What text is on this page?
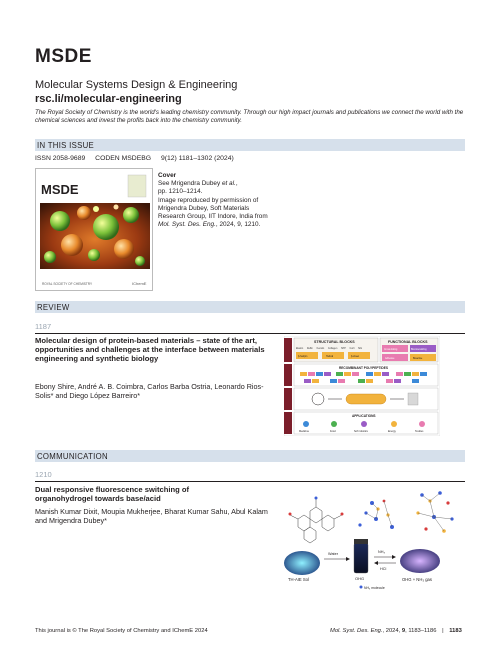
MSDE
Molecular Systems Design & Engineering
rsc.li/molecular-engineering
The Royal Society of Chemistry is the world's leading chemistry community. Through our high impact journals and publications we connect the world with the chemical sciences and invest the profits back into the chemistry community.
IN THIS ISSUE
ISSN 2058-9689 CODEN MSDEBG 9(12) 1181–1302 (2024)
MSDE
ROYAL SOCIETY OF CHEMISTRY	IChemE
Cover
See Mrigendra Dubey et al.,
pp. 1210–1214.
Image reproduced by permission of Mrigendra Dubey, Soft Materials Research Group, IIT Indore, India from Mol. Syst. Des. Eng., 2024, 9, 1210.
REVIEW
1187
Molecular design of protein-based materials – state of the art, opportunities and challenges at the interface between materials engineering and synthetic biology
Ebony Shire, André A. B. Coimbra, Carlos Barba Ostria, Leonardo Rios-Solis* and Diego López Barreiro*
STRUCTURAL BLOCKS
Elastin Reflin Keratin Collagen SPP Curli Silk
β-hairpin	Helical	β-sheet
FUNCTIONAL BLOCKS
Cross-linking	Biomineralizing
Adhesive	Bioactive
RECOMBINANT POLYPEPTIDES
APPLICATIONS
Medicine	Food	Soft robotics	Energy	Textiles
COMMUNICATION
1210
Dual responsive fluorescence switching of organohydrogel towards base/acid
Manish Kumar Dixit, Moupia Mukherjee, Bharat Kumar Sahu, Abul Kalam and Mrigendra Dubey*
TH-AIE Sol
Water
OHG
NH₃ molecule
NH₃
HCl
OHG + NH₃ gas
This journal is © The Royal Society of Chemistry and IChemE 2024	Mol. Syst. Des. Eng., 2024, 9, 1183–1186 | 1183
